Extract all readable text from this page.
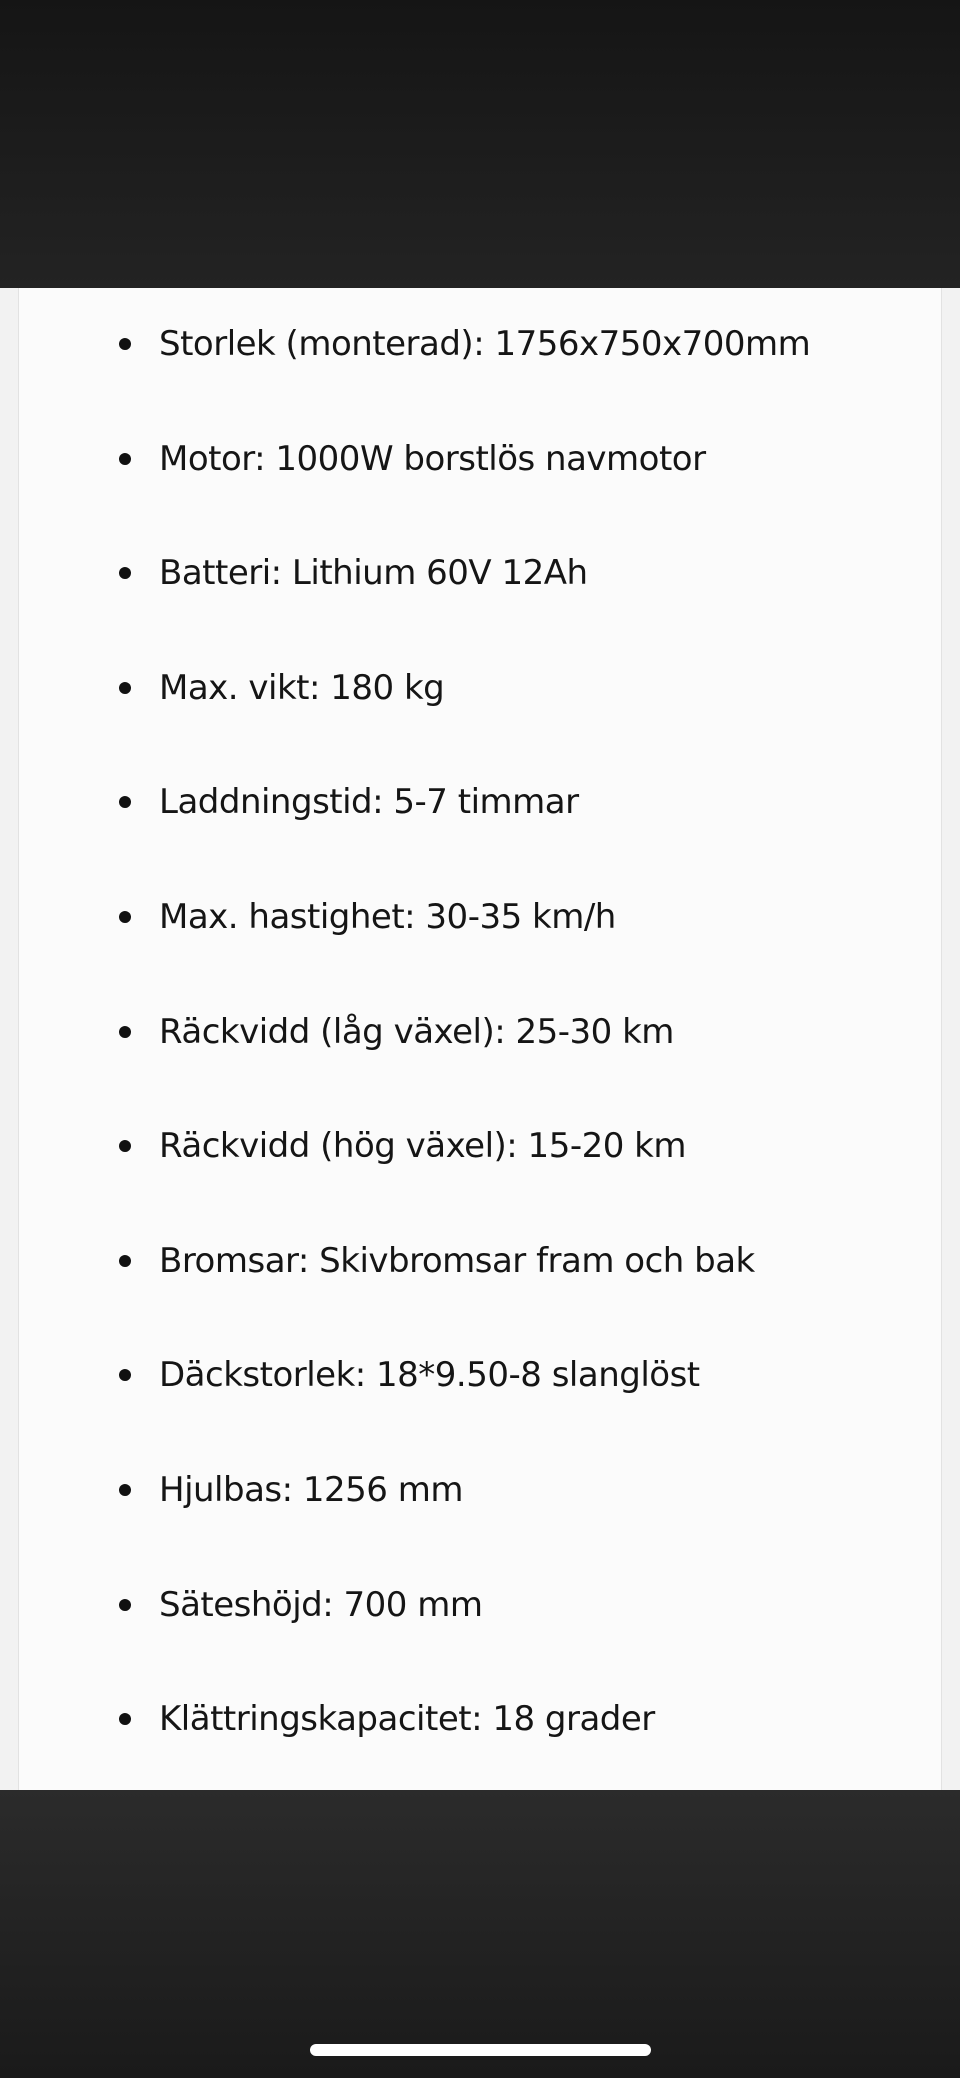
Storlek (monterad): 1756x750x700mm
Motor: 1000W borstlös navmotor
Batteri: Lithium 60V 12Ah
Max. vikt: 180 kg
Laddningstid: 5-7 timmar
Max. hastighet: 30-35 km/h
Räckvidd (låg växel): 25-30 km
Räckvidd (hög växel): 15-20 km
Bromsar: Skivbromsar fram och bak
Däckstorlek: 18*9.50-8 slanglöst
Hjulbas: 1256 mm
Säteshöjd: 700 mm
Klättringskapacitet: 18 grader
